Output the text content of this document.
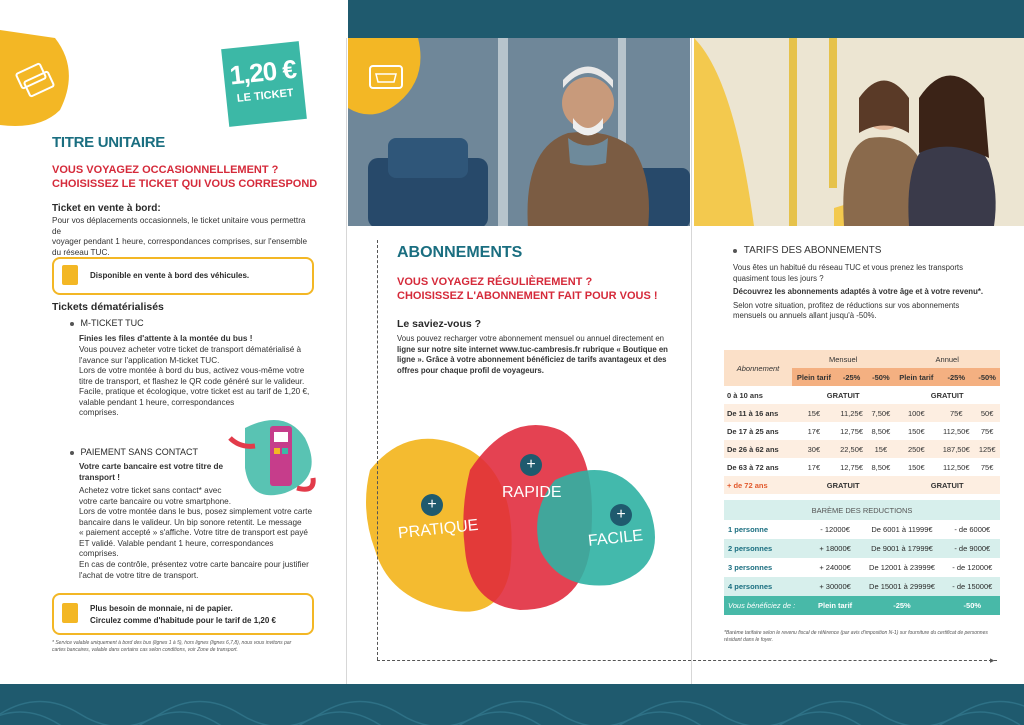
1,20 €
LE TICKET
TITRE UNITAIRE
VOUS VOYAGEZ OCCASIONNELLEMENT ?
CHOISISSEZ LE TICKET QUI VOUS CORRESPOND
Ticket en vente à bord:
Pour vos déplacements occasionnels, le ticket unitaire vous permettra de
voyager pendant 1 heure, correspondances comprises, sur l'ensemble
du réseau TUC.
Disponible en vente à bord des véhicules.
Tickets dématérialisés
M-TICKET TUC
Finies les files d'attente à la montée du bus !
Vous pouvez acheter votre ticket de transport dématérialisé à
l'avance sur l'application M-ticket TUC.
Lors de votre montée à bord du bus, activez vous-même votre
titre de transport, et flashez le QR code généré sur le valideur.
Facile, pratique et écologique, votre ticket est au tarif de 1,20 €,
valable pendant 1 heure, correspondances
comprises.
PAIEMENT SANS CONTACT
Votre carte bancaire est votre titre de
transport !
Achetez votre ticket sans contact* avec
votre carte bancaire ou votre smartphone.
Lors de votre montée dans le bus, posez simplement votre carte
bancaire dans le valideur. Un bip sonore retentit. Le message
« paiement accepté » s'affiche. Votre titre de transport est payé
ET validé. Valable pendant 1 heure, correspondances comprises.
En cas de contrôle, présentez votre carte bancaire pour justifier
l'achat de votre titre de transport.
Plus besoin de monnaie, ni de papier.
Circulez comme d'habitude pour le tarif de 1,20 €
* Service valable uniquement à bord des bus (lignes 1 à 5), hors lignes (lignes 6,7,8), nous vous invitons par
cartes bancaires, valable dans certains cas selon conditions, voir Zone de transport.
ABONNEMENTS
VOUS VOYAGEZ RÉGULIÈREMENT ?
CHOISISSEZ L'ABONNEMENT FAIT POUR VOUS !
Le saviez-vous ?
Vous pouvez recharger votre abonnement mensuel ou annuel directement en
ligne sur notre site internet www.tuc-cambresis.fr rubrique « Boutique en
ligne ». Grâce à votre abonnement bénéficiez de tarifs avantageux et des
offres pour chaque profil de voyageurs.
+
+
+
PRATIQUE
RAPIDE
FACILE
▸
TARIFS DES ABONNEMENTS
Vous êtes un habitué du réseau TUC et vous prenez les transports
quasiment tous les jours ?
Découvrez les abonnements adaptés à votre âge et à votre revenu*.
Selon votre situation, profitez de réductions sur vos abonnements
mensuels ou annuels allant jusqu'à -50%.
Abonnement	Mensuel			Annuel		
	Plein tarif	-25%	-50%	Plein tarif	-25%	-50%
0 à 10 ans	GRATUIT			GRATUIT		
De 11 à 16 ans	15€	11,25€	7,50€	100€	75€	50€
De 17 à 25 ans	17€	12,75€	8,50€	150€	112,50€	75€
De 26 à 62 ans	30€	22,50€	15€	250€	187,50€	125€
De 63 à 72 ans	17€	12,75€	8,50€	150€	112,50€	75€
+ de 72 ans	GRATUIT			GRATUIT		
BARÈME DES REDUCTIONS			
1 personne	- 12000€	De 6001 à 11999€	- de 6000€
2 personnes	+ 18000€	De 9001 à 17999€	- de 9000€
3 personnes	+ 24000€	De 12001 à 23999€	- de 12000€
4 personnes	+ 30000€	De 15001 à 29999€	- de 15000€
Vous bénéficiez de :	Plein tarif	-25%	-50%
*Barème tarifaire selon le revenu fiscal de référence (par avis d'imposition N-1) sur fourniture du certificat de personnes
résidant dans le foyer.
